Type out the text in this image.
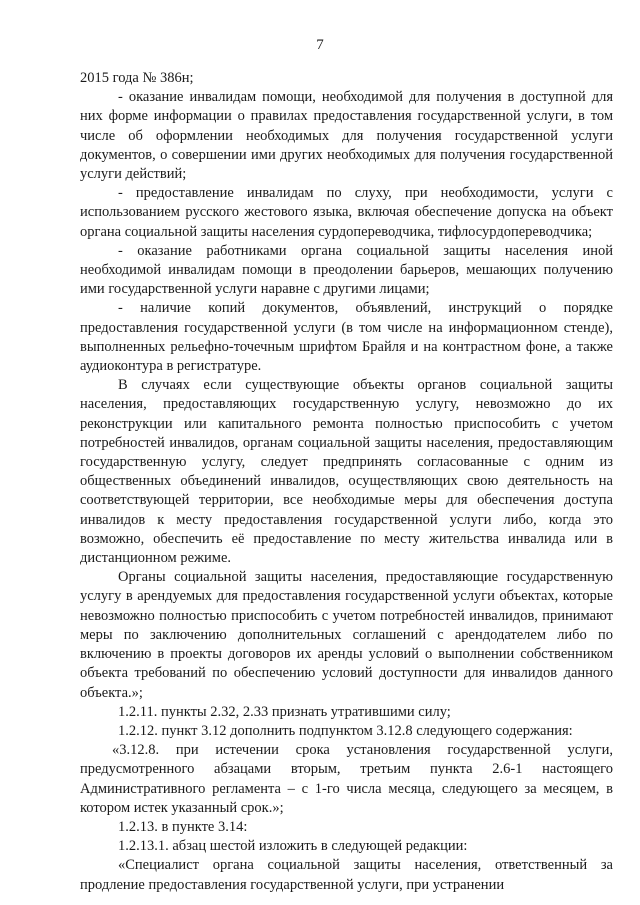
7

2015 года № 386н;

- оказание инвалидам помощи, необходимой для получения в доступной для них форме информации о правилах предоставления государственной услуги, в том числе об оформлении необходимых для получения государственной услуги документов, о совершении ими других необходимых для получения государственной услуги действий;

- предоставление инвалидам по слуху, при необходимости, услуги с использованием русского жестового языка, включая обеспечение допуска на объект органа социальной защиты населения сурдопереводчика, тифлосурдопереводчика;

- оказание работниками органа социальной защиты населения иной необходимой инвалидам помощи в преодолении барьеров, мешающих получению ими государственной услуги наравне с другими лицами;

- наличие копий документов, объявлений, инструкций о порядке предоставления государственной услуги (в том числе на информационном стенде), выполненных рельефно-точечным шрифтом Брайля и на контрастном фоне, а также аудиоконтура в регистратуре.

В случаях если существующие объекты органов социальной защиты населения, предоставляющих государственную услугу, невозможно до их реконструкции или капитального ремонта полностью приспособить с учетом потребностей инвалидов, органам социальной защиты населения, предоставляющим государственную услугу, следует предпринять согласованные с одним из общественных объединений инвалидов, осуществляющих свою деятельность на соответствующей территории, все необходимые меры для обеспечения доступа инвалидов к месту предоставления государственной услуги либо, когда это возможно, обеспечить её предоставление по месту жительства инвалида или в дистанционном режиме.

Органы социальной защиты населения, предоставляющие государственную услугу в арендуемых для предоставления государственной услуги объектах, которые невозможно полностью приспособить с учетом потребностей инвалидов, принимают меры по заключению дополнительных соглашений с арендодателем либо по включению в проекты договоров их аренды условий о выполнении собственником объекта требований по обеспечению условий доступности для инвалидов данного объекта.»;

1.2.11. пункты 2.32, 2.33 признать утратившими силу;

1.2.12. пункт 3.12 дополнить подпунктом 3.12.8 следующего содержания:

«3.12.8. при истечении срока установления государственной услуги, предусмотренного абзацами вторым, третьим пункта 2.6-1 настоящего Административного регламента – с 1-го числа месяца, следующего за месяцем, в котором истек указанный срок.»;

1.2.13. в пункте 3.14:

1.2.13.1. абзац шестой изложить в следующей редакции:

«Специалист органа социальной защиты населения, ответственный за продление предоставления государственной услуги, при устранении
